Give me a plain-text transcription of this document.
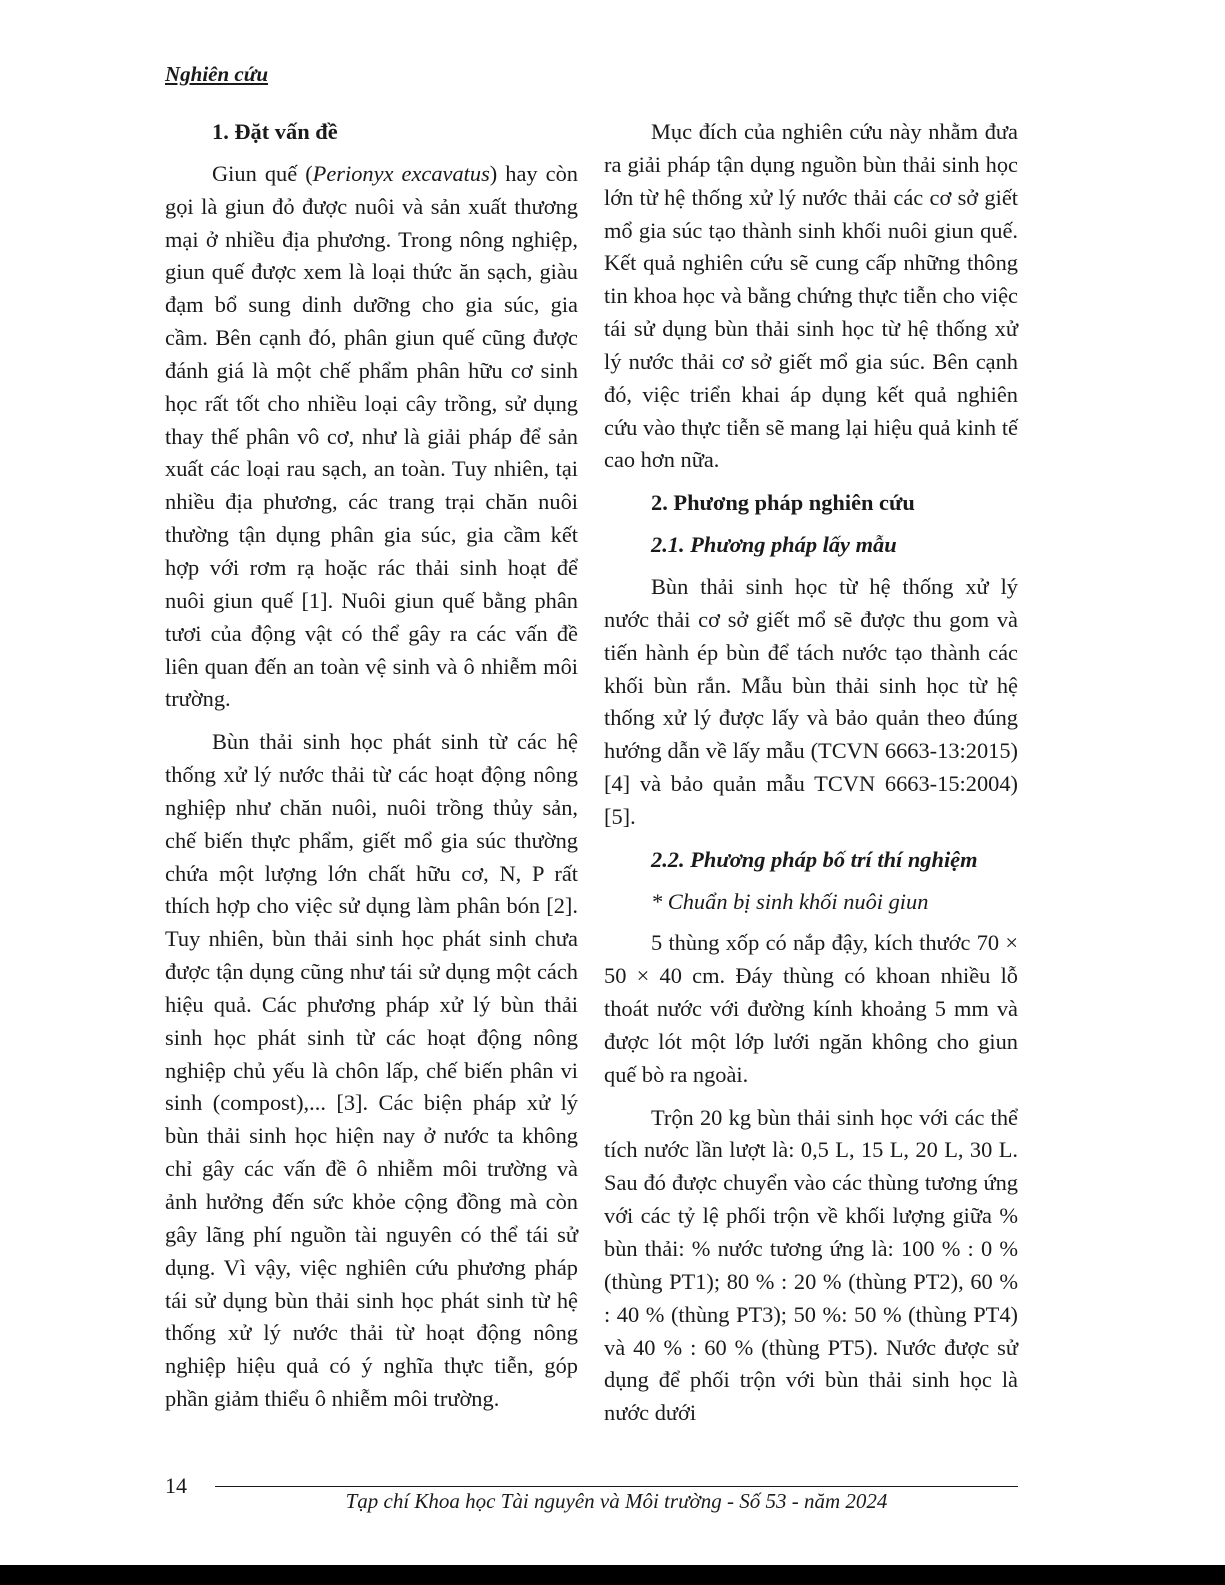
Nghiên cứu
1. Đặt vấn đề

Giun quế (Perionyx excavatus) hay còn gọi là giun đỏ được nuôi và sản xuất thương mại ở nhiều địa phương. Trong nông nghiệp, giun quế được xem là loại thức ăn sạch, giàu đạm bổ sung dinh dưỡng cho gia súc, gia cầm. Bên cạnh đó, phân giun quế cũng được đánh giá là một chế phẩm phân hữu cơ sinh học rất tốt cho nhiều loại cây trồng, sử dụng thay thế phân vô cơ, như là giải pháp để sản xuất các loại rau sạch, an toàn. Tuy nhiên, tại nhiều địa phương, các trang trại chăn nuôi thường tận dụng phân gia súc, gia cầm kết hợp với rơm rạ hoặc rác thải sinh hoạt để nuôi giun quế [1]. Nuôi giun quế bằng phân tươi của động vật có thể gây ra các vấn đề liên quan đến an toàn vệ sinh và ô nhiễm môi trường.

Bùn thải sinh học phát sinh từ các hệ thống xử lý nước thải từ các hoạt động nông nghiệp như chăn nuôi, nuôi trồng thủy sản, chế biến thực phẩm, giết mổ gia súc thường chứa một lượng lớn chất hữu cơ, N, P rất thích hợp cho việc sử dụng làm phân bón [2]. Tuy nhiên, bùn thải sinh học phát sinh chưa được tận dụng cũng như tái sử dụng một cách hiệu quả. Các phương pháp xử lý bùn thải sinh học phát sinh từ các hoạt động nông nghiệp chủ yếu là chôn lấp, chế biến phân vi sinh (compost),... [3]. Các biện pháp xử lý bùn thải sinh học hiện nay ở nước ta không chỉ gây các vấn đề ô nhiễm môi trường và ảnh hưởng đến sức khỏe cộng đồng mà còn gây lãng phí nguồn tài nguyên có thể tái sử dụng. Vì vậy, việc nghiên cứu phương pháp tái sử dụng bùn thải sinh học phát sinh từ hệ thống xử lý nước thải từ hoạt động nông nghiệp hiệu quả có ý nghĩa thực tiễn, góp phần giảm thiểu ô nhiễm môi trường.

Mục đích của nghiên cứu này nhằm đưa ra giải pháp tận dụng nguồn bùn thải sinh học lớn từ hệ thống xử lý nước thải các cơ sở giết mổ gia súc tạo thành sinh khối nuôi giun quế. Kết quả nghiên cứu sẽ cung cấp những thông tin khoa học và bằng chứng thực tiễn cho việc tái sử dụng bùn thải sinh học từ hệ thống xử lý nước thải cơ sở giết mổ gia súc. Bên cạnh đó, việc triển khai áp dụng kết quả nghiên cứu vào thực tiễn sẽ mang lại hiệu quả kinh tế cao hơn nữa.

2. Phương pháp nghiên cứu
2.1. Phương pháp lấy mẫu

Bùn thải sinh học từ hệ thống xử lý nước thải cơ sở giết mổ sẽ được thu gom và tiến hành ép bùn để tách nước tạo thành các khối bùn rắn. Mẫu bùn thải sinh học từ hệ thống xử lý được lấy và bảo quản theo đúng hướng dẫn về lấy mẫu (TCVN 6663-13:2015) [4] và bảo quản mẫu TCVN 6663-15:2004) [5].

2.2. Phương pháp bố trí thí nghiệm
* Chuẩn bị sinh khối nuôi giun

5 thùng xốp có nắp đậy, kích thước 70 × 50 × 40 cm. Đáy thùng có khoan nhiều lỗ thoát nước với đường kính khoảng 5 mm và được lót một lớp lưới ngăn không cho giun quế bò ra ngoài.

Trộn 20 kg bùn thải sinh học với các thể tích nước lần lượt là: 0,5 L, 15 L, 20 L, 30 L. Sau đó được chuyển vào các thùng tương ứng với các tỷ lệ phối trộn về khối lượng giữa % bùn thải: % nước tương ứng là: 100 % : 0 % (thùng PT1); 80 % : 20 % (thùng PT2), 60 % : 40 % (thùng PT3); 50 %: 50 % (thùng PT4) và 40 % : 60 % (thùng PT5). Nước được sử dụng để phối trộn với bùn thải sinh học là nước dưới

14
Tạp chí Khoa học Tài nguyên và Môi trường - Số 53 - năm 2024
